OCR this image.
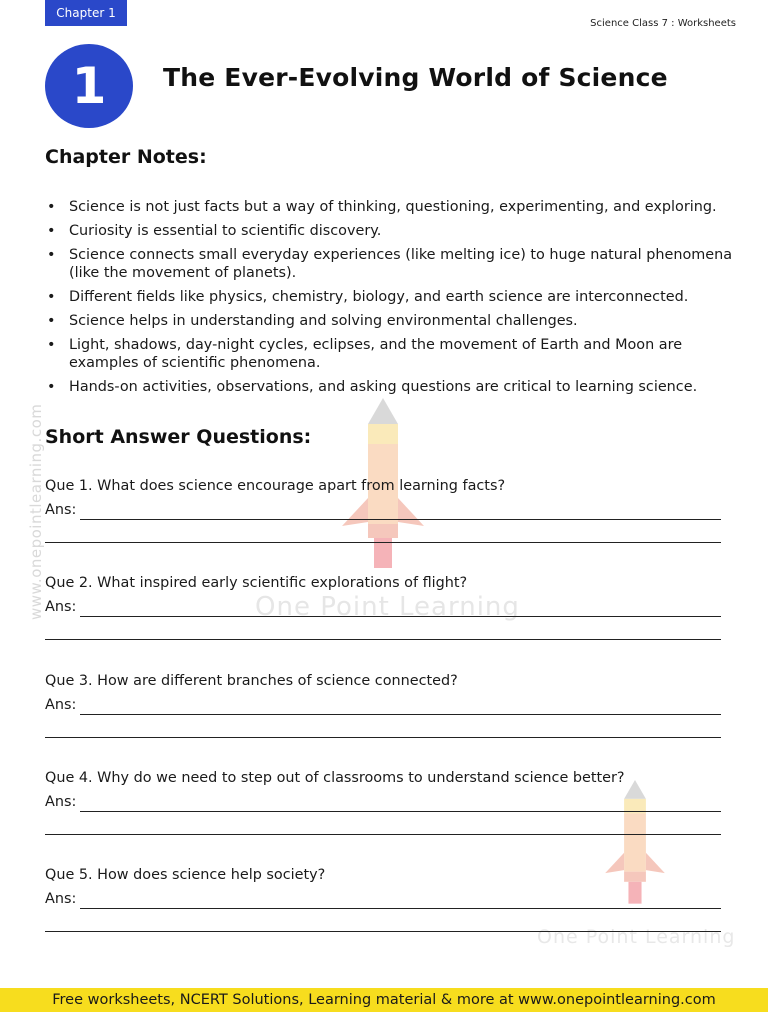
www.onepointlearning.com	One Point Learning
One Point Learning
Chapter 1
Science Class 7 : Worksheets
1	The Ever-Evolving World of Science
Chapter Notes:
• Science is not just facts but a way of thinking, questioning, experimenting, and exploring.
• Curiosity is essential to scientific discovery.
• Science connects small everyday experiences (like melting ice) to huge natural phenomena (like the movement of planets).
• Different fields like physics, chemistry, biology, and earth science are interconnected.
• Science helps in understanding and solving environmental challenges.
• Light, shadows, day-night cycles, eclipses, and the movement of Earth and Moon are examples of scientific phenomena.
• Hands-on activities, observations, and asking questions are critical to learning science.
Short Answer Questions:
Que 1. What does science encourage apart from learning facts?
Ans:
Que 2. What inspired early scientific explorations of flight?
Ans:
Que 3. How are different branches of science connected?
Ans:
Que 4. Why do we need to step out of classrooms to understand science better?
Ans:
Que 5. How does science help society?
Ans:
Free worksheets, NCERT Solutions, Learning material & more at www.onepointlearning.com
